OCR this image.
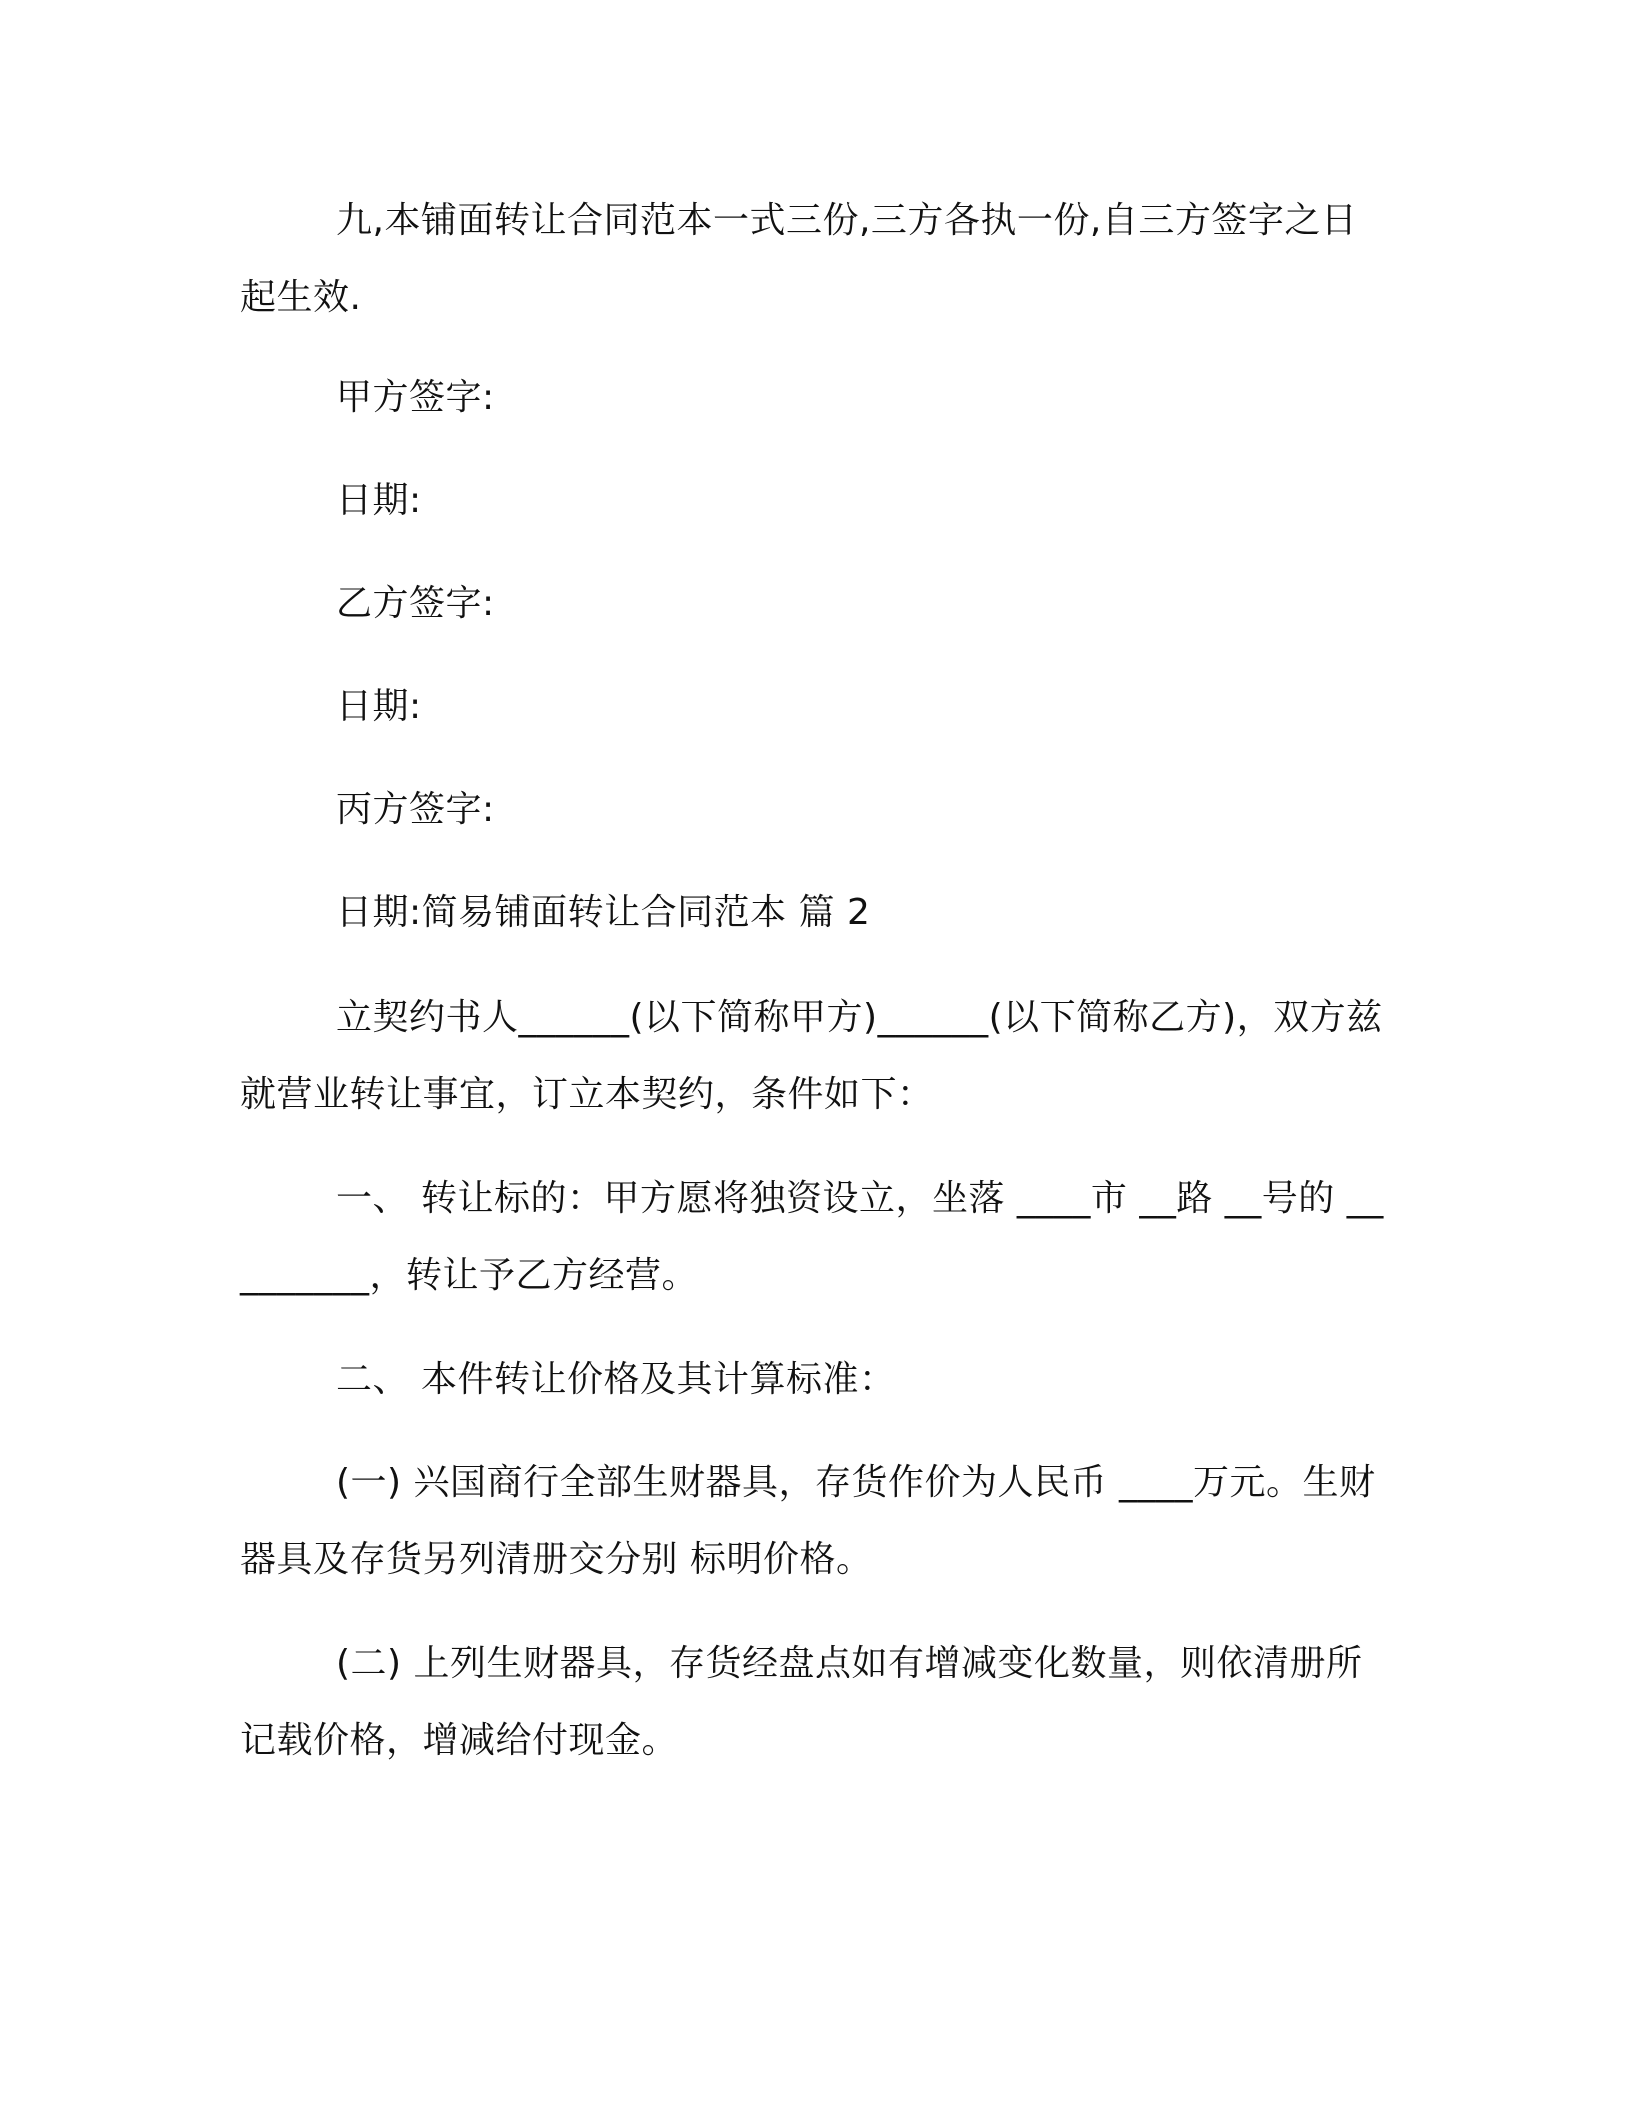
九,本铺面转让合同范本一式三份,三方各执一份,自三方签字之日起生效.

甲方签字:

日期:

乙方签字:

日期:

丙方签字:

日期:简易铺面转让合同范本 篇 2

立契约书人______(以下简称甲方)______(以下简称乙方)，双方兹就营业转让事宜，订立本契约，条件如下：

一、 转让标的：甲方愿将独资设立，坐落 ____市 __路 __号的 _________，转让予乙方经营。

二、 本件转让价格及其计算标准：

(一) 兴国商行全部生财器具，存货作价为人民币 ____万元。生财器具及存货另列清册交分别 标明价格。

(二) 上列生财器具，存货经盘点如有增减变化数量，则依清册所记载价格，增减给付现金。
